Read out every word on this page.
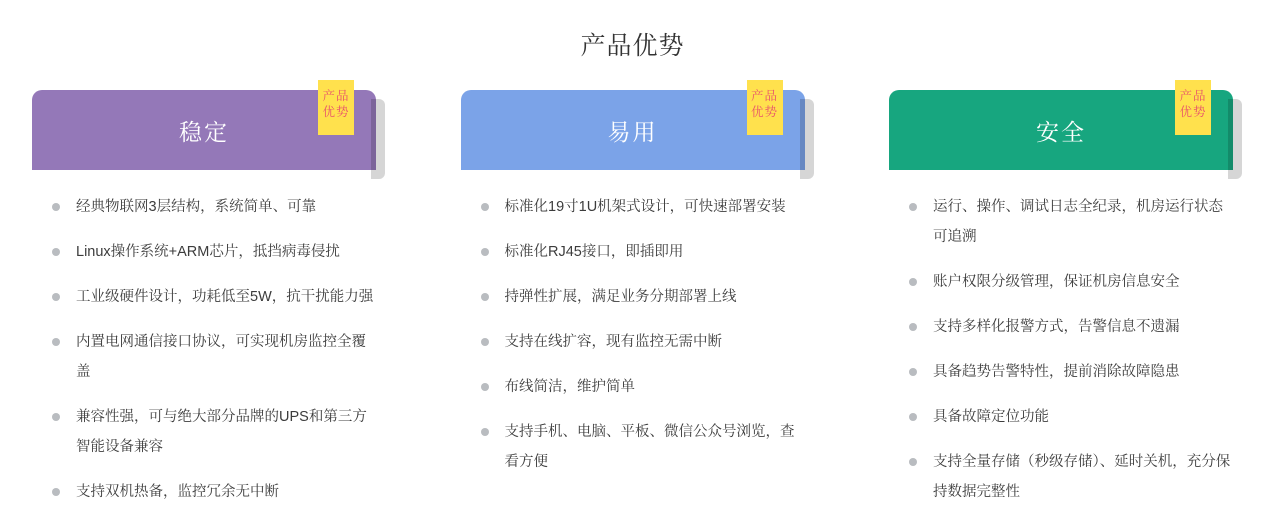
产品优势
稳定
产品优势
经典物联网3层结构，系统简单、可靠
Linux操作系统+ARM芯片，抵挡病毒侵扰
工业级硬件设计，功耗低至5W，抗干扰能力强
内置电网通信接口协议，可实现机房监控全覆盖
兼容性强，可与绝大部分品牌的UPS和第三方智能设备兼容
支持双机热备，监控冗余无中断
易用
产品优势
标准化19寸1U机架式设计，可快速部署安装
标准化RJ45接口，即插即用
持弹性扩展，满足业务分期部署上线
支持在线扩容，现有监控无需中断
布线简洁，维护简单
支持手机、电脑、平板、微信公众号浏览，查看方便
安全
产品优势
运行、操作、调试日志全纪录，机房运行状态可追溯
账户权限分级管理，保证机房信息安全
支持多样化报警方式，告警信息不遗漏
具备趋势告警特性，提前消除故障隐患
具备故障定位功能
支持全量存储（秒级存储）、延时关机，充分保持数据完整性
